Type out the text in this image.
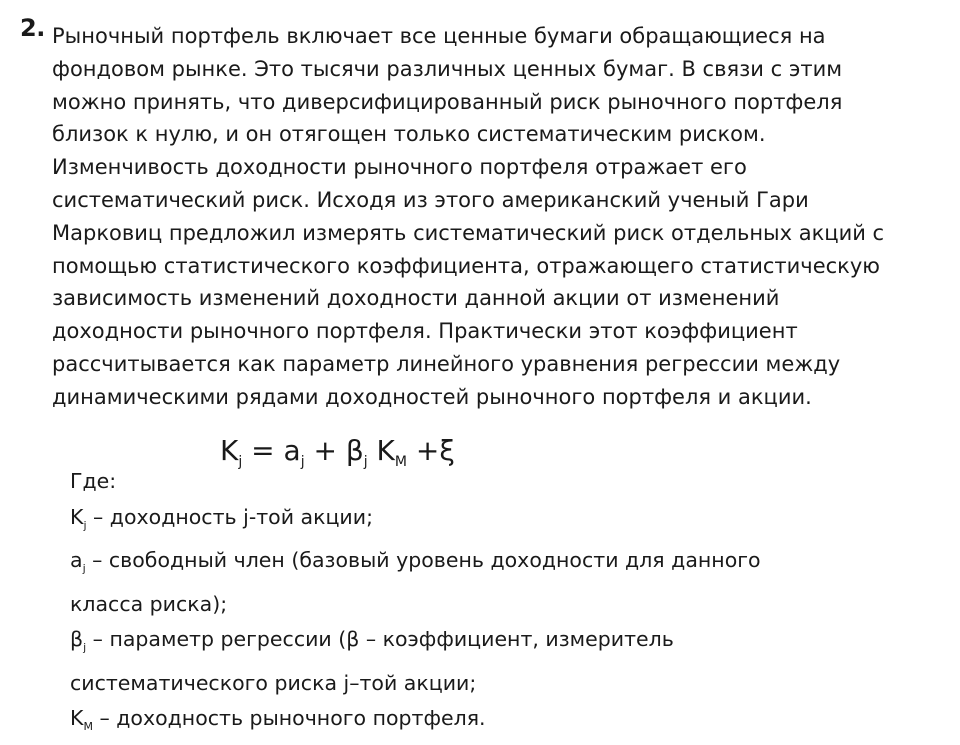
2. Рыночный портфель включает все ценные бумаги обращающиеся на
фондовом рынке. Это тысячи различных ценных бумаг. В связи с этим
можно принять, что диверсифицированный риск рыночного портфеля
близок к нулю, и он отягощен только систематическим риском.
Изменчивость доходности рыночного портфеля отражает его
систематический риск. Исходя из этого американский ученый Гари
Марковиц предложил измерять систематический риск отдельных акций с
помощью статистического коэффициента, отражающего статистическую
зависимость изменений доходности данной акции от изменений
доходности рыночного портфеля. Практически этот коэффициент
рассчитывается как параметр линейного уравнения регрессии между
динамическими рядами доходностей рыночного портфеля и акции.
$K_j = a_j + \beta_j$ $K_M +\xi$
Где:
$K_j$ – доходность j-той акции;
$a_j$ – свободный член (базовый уровень доходности для данного
класса риска);
$\beta_j$ – параметр регрессии (β – коэффициент, измеритель
систематического риска j–той акции;
$K_M$ – доходность рыночного портфеля.
